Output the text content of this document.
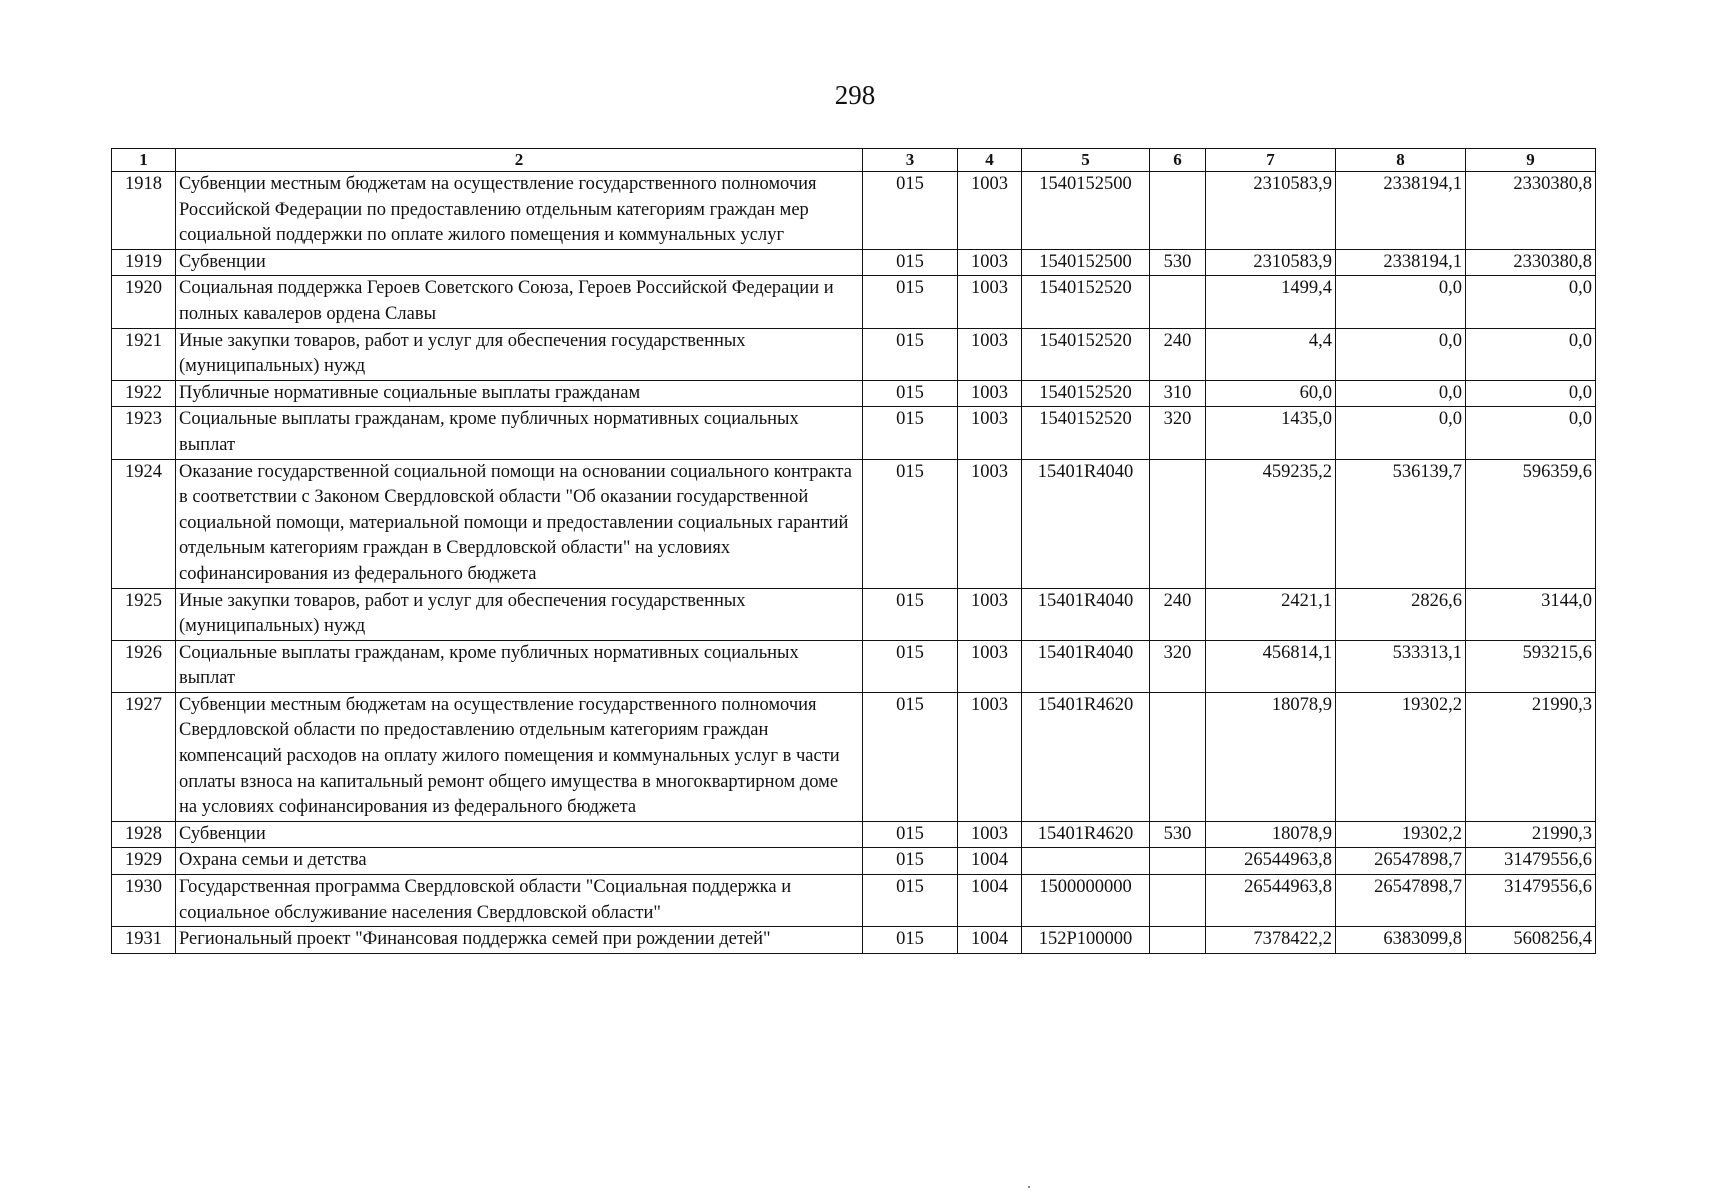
298
1	2	3	4	5	6	7	8	9
1918	Субвенции местным бюджетам на осуществление государственного полномочия Российской Федерации по предоставлению отдельным категориям граждан мер социальной поддержки по оплате жилого помещения и коммунальных услуг	015	1003	1540152500		2310583,9	2338194,1	2330380,8
1919	Субвенции	015	1003	1540152500	530	2310583,9	2338194,1	2330380,8
1920	Социальная поддержка Героев Советского Союза, Героев Российской Федерации и полных кавалеров ордена Славы	015	1003	1540152520		1499,4	0,0	0,0
1921	Иные закупки товаров, работ и услуг для обеспечения государственных (муниципальных) нужд	015	1003	1540152520	240	4,4	0,0	0,0
1922	Публичные нормативные социальные выплаты гражданам	015	1003	1540152520	310	60,0	0,0	0,0
1923	Социальные выплаты гражданам, кроме публичных нормативных социальных выплат	015	1003	1540152520	320	1435,0	0,0	0,0
1924	Оказание государственной социальной помощи на основании социального контракта в соответствии с Законом Свердловской области "Об оказании государственной социальной помощи, материальной помощи и предоставлении социальных гарантий отдельным категориям граждан в Свердловской области" на условиях софинансирования из федерального бюджета	015	1003	15401R4040		459235,2	536139,7	596359,6
1925	Иные закупки товаров, работ и услуг для обеспечения государственных (муниципальных) нужд	015	1003	15401R4040	240	2421,1	2826,6	3144,0
1926	Социальные выплаты гражданам, кроме публичных нормативных социальных выплат	015	1003	15401R4040	320	456814,1	533313,1	593215,6
1927	Субвенции местным бюджетам на осуществление государственного полномочия Свердловской области по предоставлению отдельным категориям граждан компенсаций расходов на оплату жилого помещения и коммунальных услуг в части оплаты взноса на капитальный ремонт общего имущества в многоквартирном доме на условиях софинансирования из федерального бюджета	015	1003	15401R4620		18078,9	19302,2	21990,3
1928	Субвенции	015	1003	15401R4620	530	18078,9	19302,2	21990,3
1929	Охрана семьи и детства	015	1004			26544963,8	26547898,7	31479556,6
1930	Государственная программа Свердловской области "Социальная поддержка и социальное обслуживание населения Свердловской области"	015	1004	1500000000		26544963,8	26547898,7	31479556,6
1931	Региональный проект "Финансовая поддержка семей при рождении детей"	015	1004	152P100000		7378422,2	6383099,8	5608256,4
